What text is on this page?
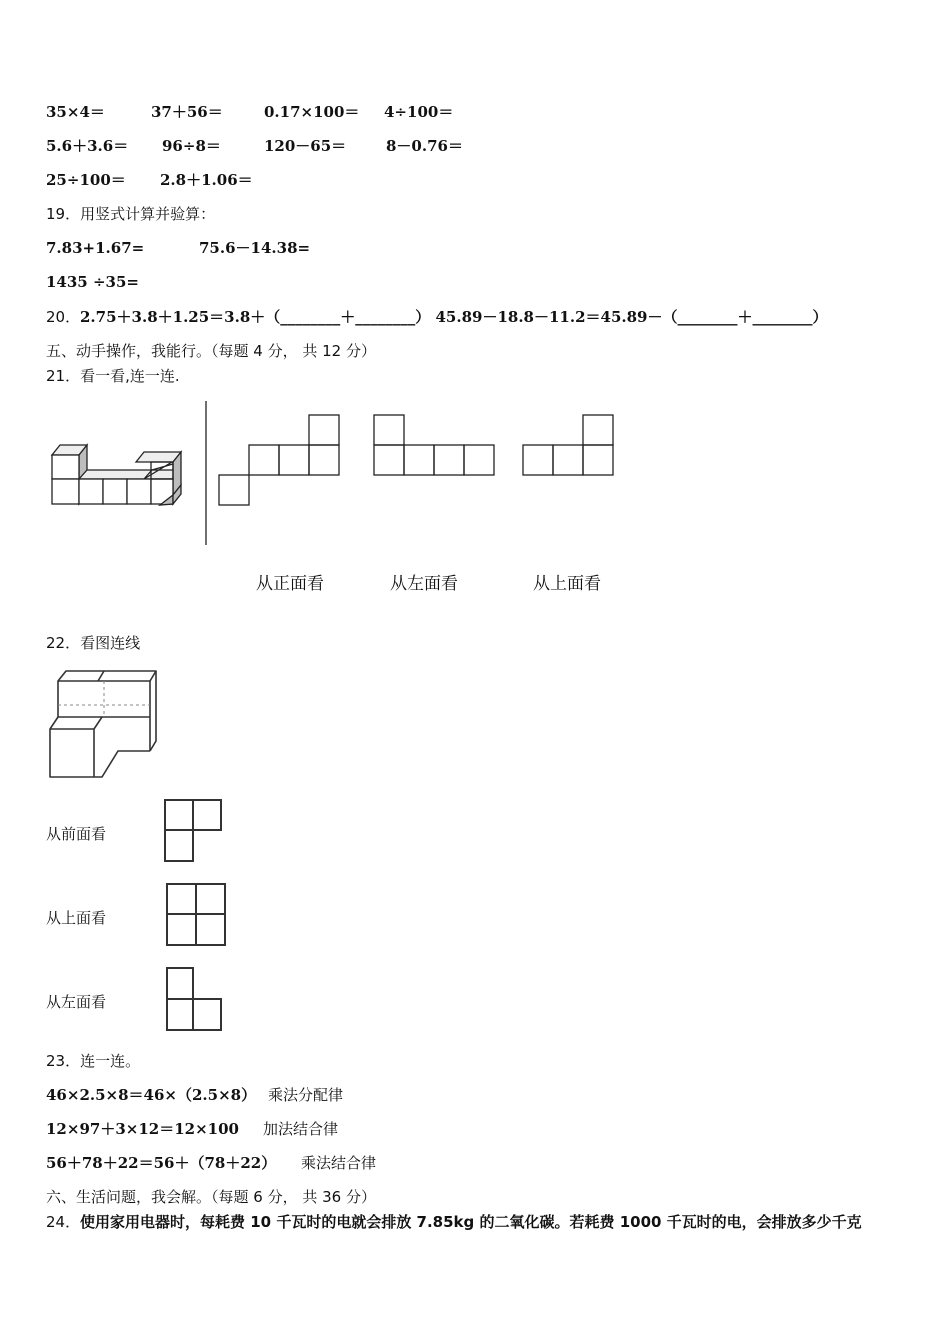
35×4＝	37＋56＝	0.17×100＝ 4÷100＝
5.6＋3.6＝ 96÷8＝	120－65＝	8－0.76＝
25÷100＝ 2.8＋1.06＝
19．用竖式计算并验算：
7.83+1.67=	75.6－14.38=
1435 ÷35=
20． 2.75＋3.8＋1.25＝3.8＋（________＋________） 45.89－18.8－11.2＝45.89－（________＋________）
五、动手操作，我能行。（每题 4 分， 共 12 分）
21．看一看,连一连.
从正面看	从左面看	从上面看
22．看图连线
从前面看
从上面看
从左面看
23．连一连。
46×2.5×8＝46×（2.5×8） 乘法分配律
12×97＋3×12＝12×100 加法结合律
56＋78＋22＝56＋（78＋22） 乘法结合律
六、生活问题，我会解。（每题 6 分， 共 36 分）
24． 使用家用电器时，每耗费 10 千瓦时的电就会排放 7.85kg 的二氧化碳。若耗费 1000 千瓦时的电，会排放多少千克
